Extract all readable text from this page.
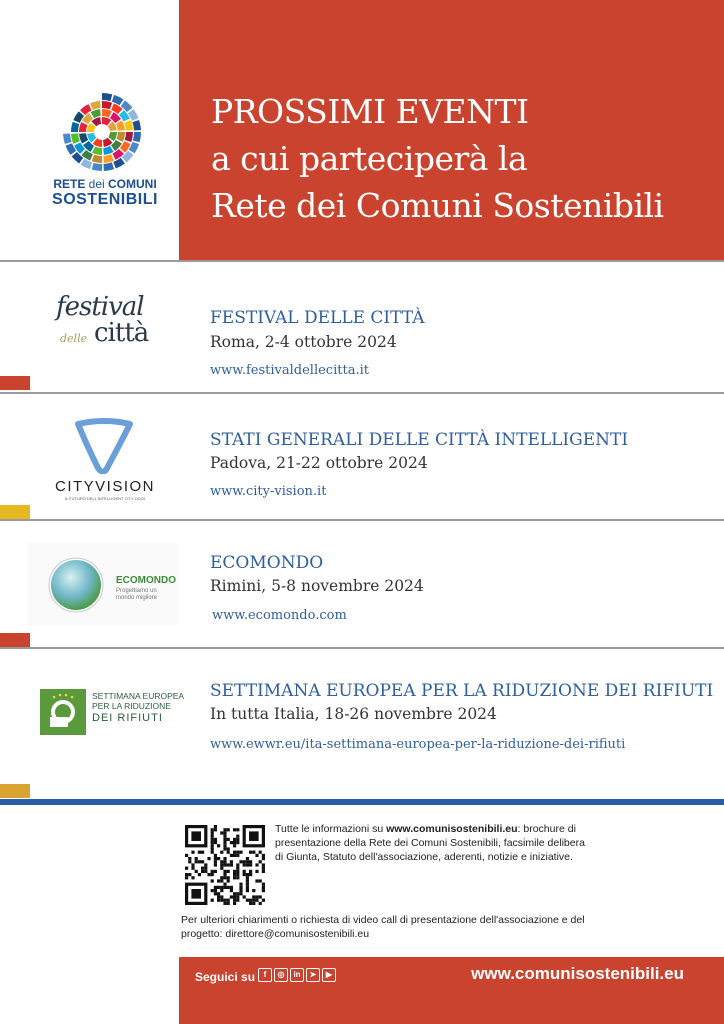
RETE dei COMUNI
SOSTENIBILI
PROSSIMI EVENTI
a cui parteciperà la
Rete dei Comuni Sostenibili
festival
delle città	FESTIVAL DELLE CITTÀ
Roma, 2-4 ottobre 2024
www.festivaldellecitta.it
CITYVISION
IL FUTURO DELL'INTELLIGENT CITY OGGI
STATI GENERALI DELLE CITTÀ INTELLIGENTI
Padova, 21-22 ottobre 2024
www.city-vision.it
ECOMONDO
Progettiamo un mondo migliore
ECOMONDO
Rimini, 5-8 novembre 2024
www.ecomondo.com
SETTIMANA EUROPEA
PER LA RIDUZIONE
DEI RIFIUTI
SETTIMANA EUROPEA PER LA RIDUZIONE DEI RIFIUTI
In tutta Italia, 18-26 novembre 2024
www.ewwr.eu/ita-settimana-europea-per-la-riduzione-dei-rifiuti
Tutte le informazioni su www.comunisostenibili.eu: brochure di presentazione della Rete dei Comuni Sostenibili, facsimile delibera di Giunta, Statuto dell'associazione, aderenti, notizie e iniziative.
Per ulteriori chiarimenti o richiesta di video call di presentazione dell'associazione e del progetto: direttore@comunisostenibili.eu
Seguici su	f	◎	in	➤	▶	www.comunisostenibili.eu
